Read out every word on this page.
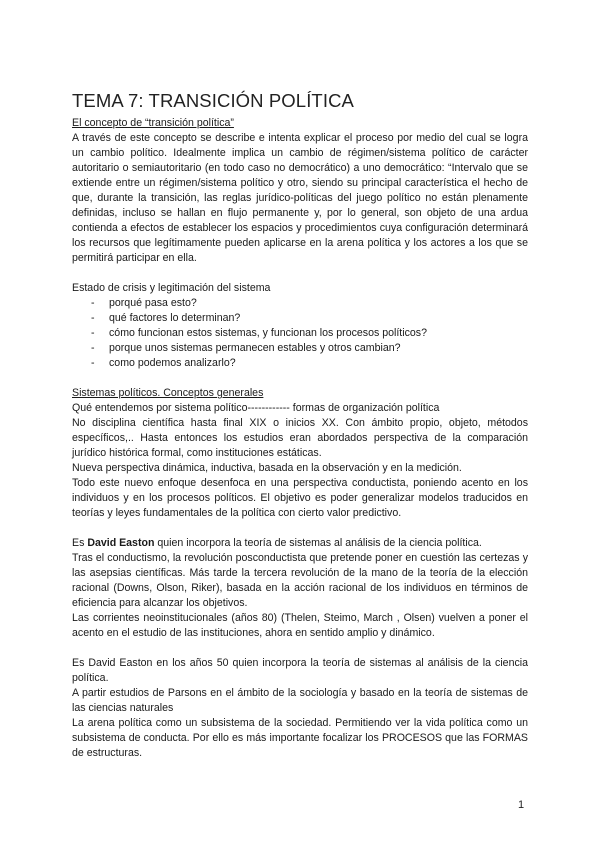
TEMA 7: TRANSICIÓN POLÍTICA

El concepto de “transición política”

A través de este concepto se describe e intenta explicar el proceso por medio del cual se logra un cambio político. Idealmente implica un cambio de régimen/sistema político de carácter autoritario o semiautoritario (en todo caso no democrático) a uno democrático: “Intervalo que se extiende entre un régimen/sistema político y otro, siendo su principal característica el hecho de que, durante la transición, las reglas jurídico-políticas del juego político no están plenamente definidas, incluso se hallan en flujo permanente y, por lo general, son objeto de una ardua contienda a efectos de establecer los espacios y procedimientos cuya configuración determinará los recursos que legítimamente pueden aplicarse en la arena política y los actores a los que se permitirá participar en ella.

Estado de crisis y legitimación del sistema

- porqué pasa esto?
- qué factores lo determinan?
- cómo funcionan estos sistemas, y funcionan los procesos políticos?
- porque unos sistemas permanecen estables y otros cambian?
- como podemos analizarlo?

Sistemas políticos. Conceptos generales

Qué entendemos por sistema político------------ formas de organización política

No disciplina científica hasta final XIX o inicios XX. Con ámbito propio, objeto, métodos específicos,.. Hasta entonces los estudios eran abordados perspectiva de la comparación jurídico histórica formal, como instituciones estáticas.

Nueva perspectiva dinámica, inductiva, basada en la observación y en la medición.

Todo este nuevo enfoque desenfoca en una perspectiva conductista, poniendo acento en los individuos y en los procesos políticos. El objetivo es poder generalizar modelos traducidos en teorías y leyes fundamentales de la política con cierto valor predictivo.

Es David Easton quien incorpora la teoría de sistemas al análisis de la ciencia política.

Tras el conductismo, la revolución posconductista que pretende poner en cuestión las certezas y las asepsias científicas. Más tarde la tercera revolución de la mano de la teoría de la elección racional (Downs, Olson, Riker), basada en la acción racional de los individuos en términos de eficiencia para alcanzar los objetivos.

Las corrientes neoinstitucionales (años 80) (Thelen, Steimo, March , Olsen) vuelven a poner el acento en el estudio de las instituciones, ahora en sentido amplio y dinámico.

Es David Easton en los años 50 quien incorpora la teoría de sistemas al análisis de la ciencia política.

A partir estudios de Parsons en el ámbito de la sociología y basado en la teoría de sistemas de las ciencias naturales

La arena política como un subsistema de la sociedad. Permitiendo ver la vida política como un subsistema de conducta. Por ello es más importante focalizar los PROCESOS que las FORMAS de estructuras.

1
